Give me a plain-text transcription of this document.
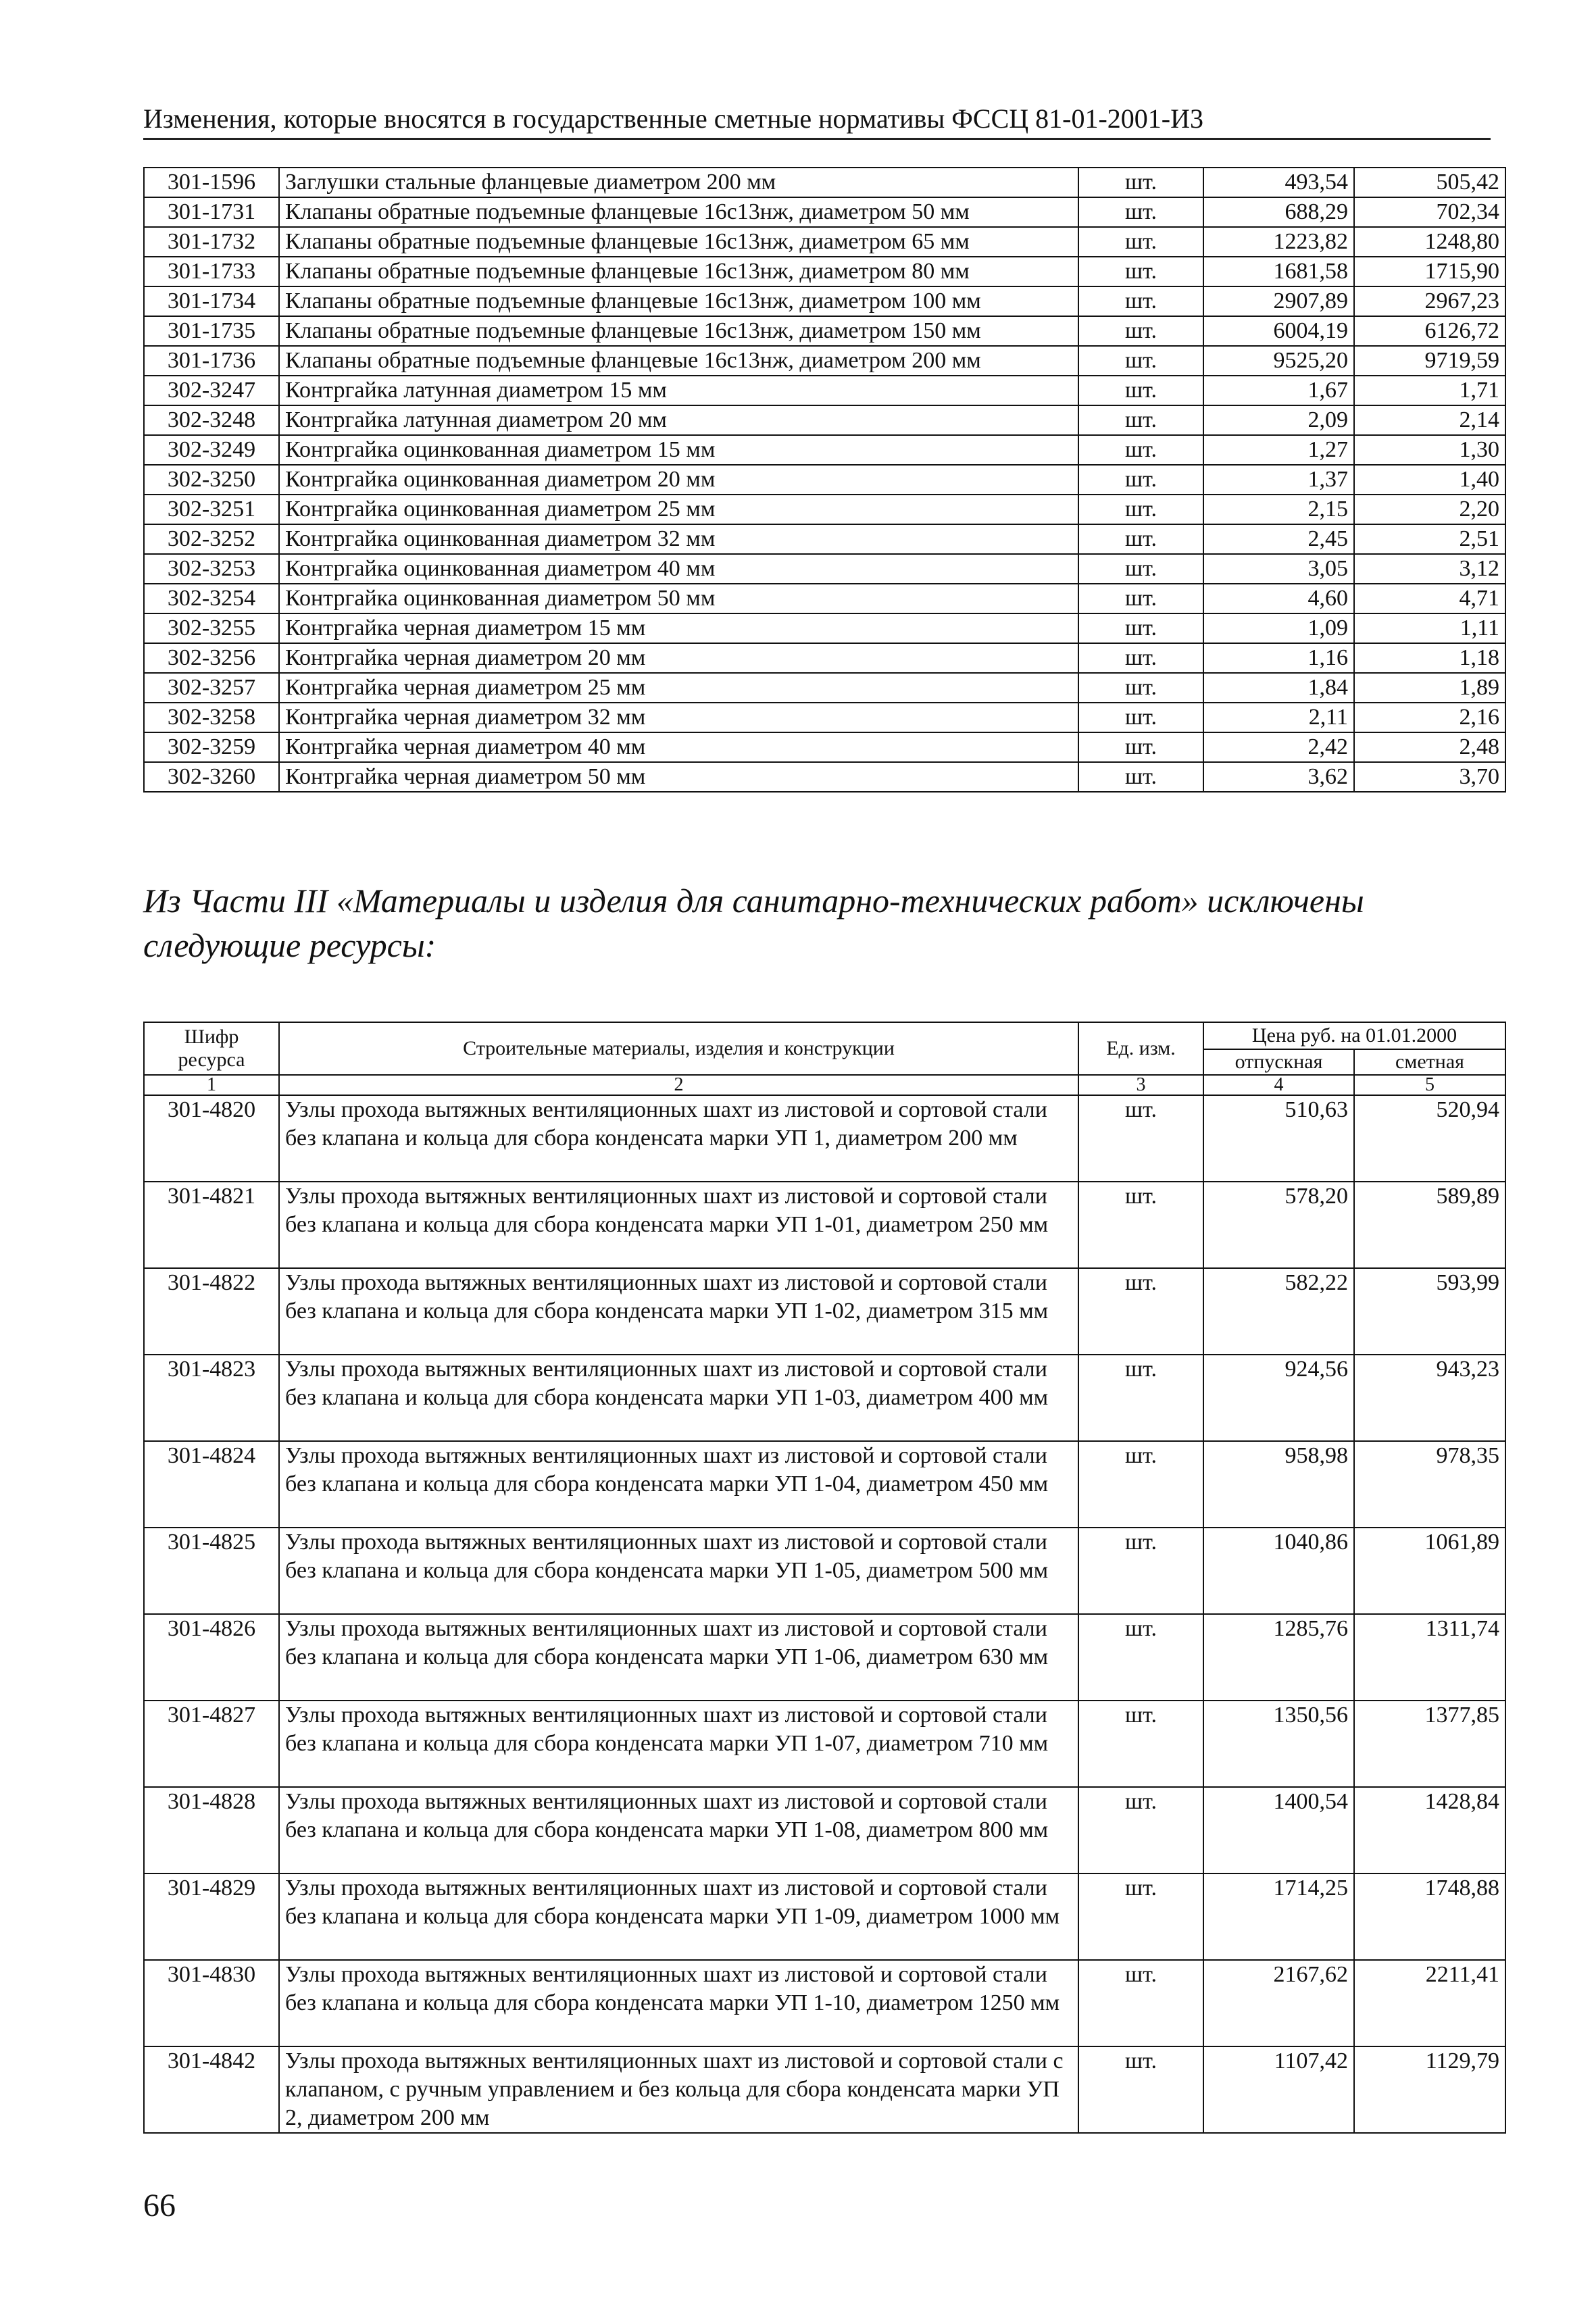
Изменения, которые вносятся в государственные сметные нормативы ФССЦ 81-01-2001-И3
301-1596	Заглушки стальные фланцевые диаметром 200 мм	шт.	493,54	505,42
301-1731	Клапаны обратные подъемные фланцевые 16с13нж, диаметром 50 мм	шт.	688,29	702,34
301-1732	Клапаны обратные подъемные фланцевые 16с13нж, диаметром 65 мм	шт.	1223,82	1248,80
301-1733	Клапаны обратные подъемные фланцевые 16с13нж, диаметром 80 мм	шт.	1681,58	1715,90
301-1734	Клапаны обратные подъемные фланцевые 16с13нж, диаметром 100 мм	шт.	2907,89	2967,23
301-1735	Клапаны обратные подъемные фланцевые 16с13нж, диаметром 150 мм	шт.	6004,19	6126,72
301-1736	Клапаны обратные подъемные фланцевые 16с13нж, диаметром 200 мм	шт.	9525,20	9719,59
302-3247	Контргайка латунная диаметром 15 мм	шт.	1,67	1,71
302-3248	Контргайка латунная диаметром 20 мм	шт.	2,09	2,14
302-3249	Контргайка оцинкованная диаметром 15 мм	шт.	1,27	1,30
302-3250	Контргайка оцинкованная диаметром 20 мм	шт.	1,37	1,40
302-3251	Контргайка оцинкованная диаметром 25 мм	шт.	2,15	2,20
302-3252	Контргайка оцинкованная диаметром 32 мм	шт.	2,45	2,51
302-3253	Контргайка оцинкованная диаметром 40 мм	шт.	3,05	3,12
302-3254	Контргайка оцинкованная диаметром 50 мм	шт.	4,60	4,71
302-3255	Контргайка черная диаметром 15 мм	шт.	1,09	1,11
302-3256	Контргайка черная диаметром 20 мм	шт.	1,16	1,18
302-3257	Контргайка черная диаметром 25 мм	шт.	1,84	1,89
302-3258	Контргайка черная диаметром 32 мм	шт.	2,11	2,16
302-3259	Контргайка черная диаметром 40 мм	шт.	2,42	2,48
302-3260	Контргайка черная диаметром 50 мм	шт.	3,62	3,70
Из Части III «Материалы и изделия для санитарно-технических работ» исключены следующие ресурсы:
Шифр ресурса	Строительные материалы, изделия и конструкции	Ед. изм.	Цена руб. на 01.01.2000	
			отпускная	сметная
1	2	3	4	5
301-4820	Узлы прохода вытяжных вентиляционных шахт из листовой и сортовой стали без клапана и кольца для сбора конденсата марки УП 1, диаметром 200 мм	шт.	510,63	520,94
301-4821	Узлы прохода вытяжных вентиляционных шахт из листовой и сортовой стали без клапана и кольца для сбора конденсата марки УП 1-01, диаметром 250 мм	шт.	578,20	589,89
301-4822	Узлы прохода вытяжных вентиляционных шахт из листовой и сортовой стали без клапана и кольца для сбора конденсата марки УП 1-02, диаметром 315 мм	шт.	582,22	593,99
301-4823	Узлы прохода вытяжных вентиляционных шахт из листовой и сортовой стали без клапана и кольца для сбора конденсата марки УП 1-03, диаметром 400 мм	шт.	924,56	943,23
301-4824	Узлы прохода вытяжных вентиляционных шахт из листовой и сортовой стали без клапана и кольца для сбора конденсата марки УП 1-04, диаметром 450 мм	шт.	958,98	978,35
301-4825	Узлы прохода вытяжных вентиляционных шахт из листовой и сортовой стали без клапана и кольца для сбора конденсата марки УП 1-05, диаметром 500 мм	шт.	1040,86	1061,89
301-4826	Узлы прохода вытяжных вентиляционных шахт из листовой и сортовой стали без клапана и кольца для сбора конденсата марки УП 1-06, диаметром 630 мм	шт.	1285,76	1311,74
301-4827	Узлы прохода вытяжных вентиляционных шахт из листовой и сортовой стали без клапана и кольца для сбора конденсата марки УП 1-07, диаметром 710 мм	шт.	1350,56	1377,85
301-4828	Узлы прохода вытяжных вентиляционных шахт из листовой и сортовой стали без клапана и кольца для сбора конденсата марки УП 1-08, диаметром 800 мм	шт.	1400,54	1428,84
301-4829	Узлы прохода вытяжных вентиляционных шахт из листовой и сортовой стали без клапана и кольца для сбора конденсата марки УП 1-09, диаметром 1000 мм	шт.	1714,25	1748,88
301-4830	Узлы прохода вытяжных вентиляционных шахт из листовой и сортовой стали без клапана и кольца для сбора конденсата марки УП 1-10, диаметром 1250 мм	шт.	2167,62	2211,41
301-4842	Узлы прохода вытяжных вентиляционных шахт из листовой и сортовой стали с клапаном, с ручным управлением и без кольца для сбора конденсата марки УП 2, диаметром 200 мм	шт.	1107,42	1129,79
66
